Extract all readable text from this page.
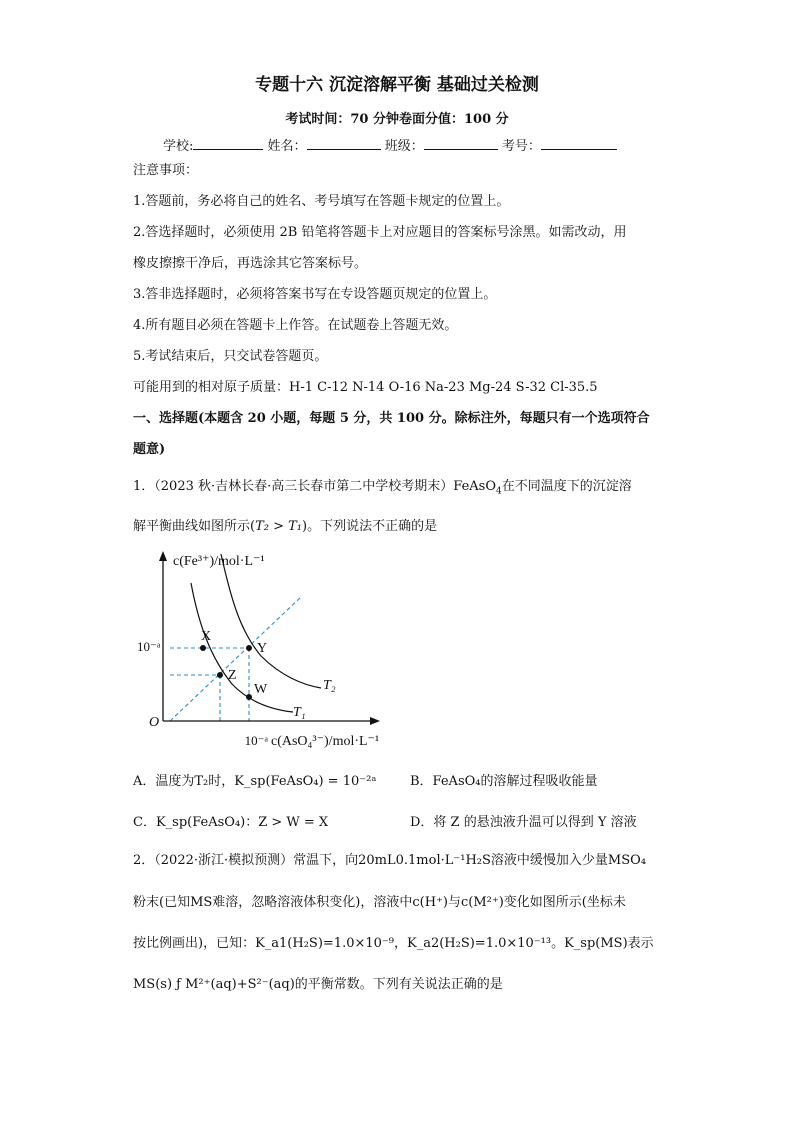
专题十六 沉淀溶解平衡 基础过关检测
考试时间：70 分钟卷面分值：100 分
学校:	姓名：	班级：	考号：
注意事项：
1.答题前，务必将自己的姓名、考号填写在答题卡规定的位置上。
2.答选择题时，必须使用 2B 铅笔将答题卡上对应题目的答案标号涂黑。如需改动，用
橡皮擦擦干净后，再选涂其它答案标号。
3.答非选择题时，必须将答案书写在专设答题页规定的位置上。
4.所有题目必须在答题卡上作答。在试题卷上答题无效。
5.考试结束后，只交试卷答题页。
可能用到的相对原子质量：H-1 C-12 N-14 O-16 Na-23 Mg-24 S-32 Cl-35.5
一、选择题(本题含 20 小题，每题 5 分，共 100 分。除标注外，每题只有一个选项符合
题意)
1．（2023 秋·吉林长春·高三长春市第二中学校考期末）FeAsO$_4$在不同温度下的沉淀溶
解平衡曲线如图所示(T₂ > T₁)。下列说法不正确的是
c(Fe³⁺)/mol·L⁻¹
c(AsO₄³⁻)/mol·L⁻¹
10⁻ᵃ
10⁻ᵃ
O
X
Y
Z
W	T₂
T₁
A．温度为T₂时，K_sp(FeAsO₄) = 10⁻²ᵃ	B．FeAsO₄的溶解过程吸收能量
C．K_sp(FeAsO₄)：Z > W = X	D．将 Z 的悬浊液升温可以得到 Y 溶液
2．（2022·浙江·模拟预测）常温下，向20mL0.1mol·L⁻¹H₂S溶液中缓慢加入少量MSO₄
粉末(已知MS难溶，忽略溶液体积变化)，溶液中c(H⁺)与c(M²⁺)变化如图所示(坐标未
按比例画出)，已知：K_a1(H₂S)=1.0×10⁻⁹，K_a2(H₂S)=1.0×10⁻¹³。K_sp(MS)表示
MS(s) ƒ M²⁺(aq)+S²⁻(aq)的平衡常数。下列有关说法正确的是
